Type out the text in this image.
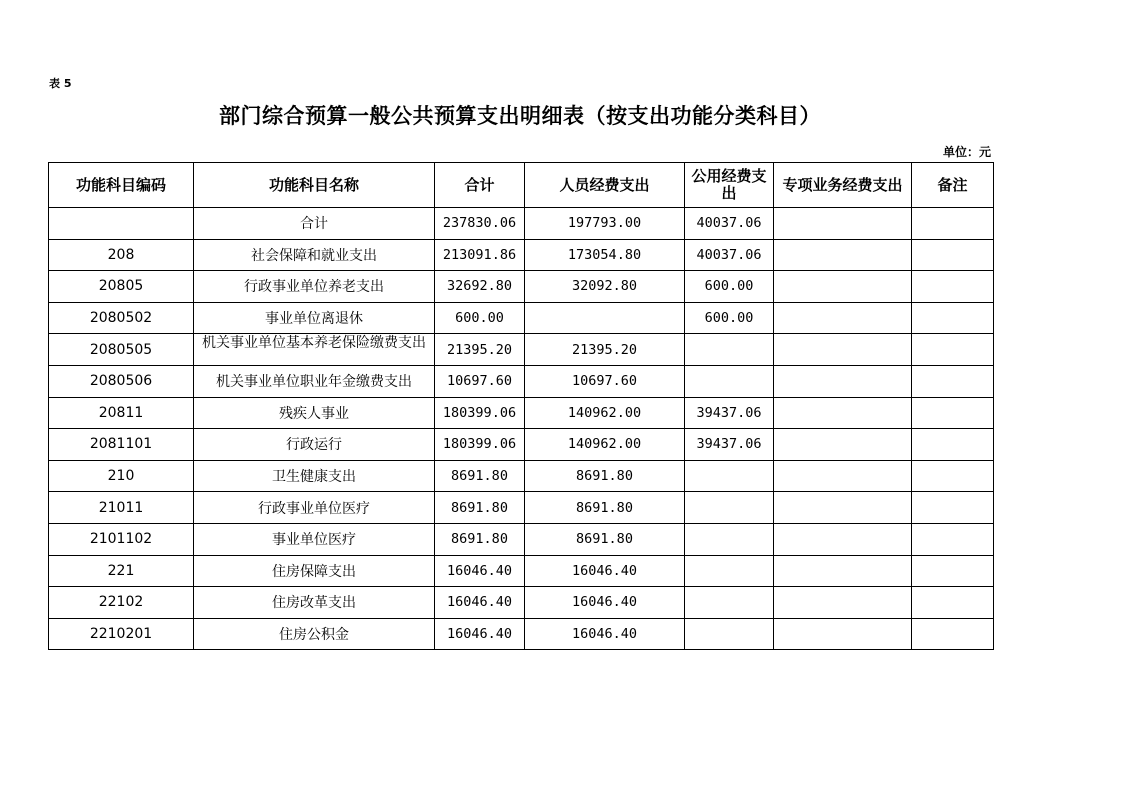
表 5
部门综合预算一般公共预算支出明细表（按支出功能分类科目）
单位：元
功能科目编码	功能科目名称	合计	人员经费支出	公用经费支出	专项业务经费支出	备注
	合计	237830.06	197793.00	40037.06		
208	社会保障和就业支出	213091.86	173054.80	40037.06		
20805	行政事业单位养老支出	32692.80	32092.80	600.00		
2080502	事业单位离退休	600.00		600.00		
2080505	机关事业单位基本养老保险缴费支出	21395.20	21395.20			
2080506	机关事业单位职业年金缴费支出	10697.60	10697.60			
20811	残疾人事业	180399.06	140962.00	39437.06		
2081101	行政运行	180399.06	140962.00	39437.06		
210	卫生健康支出	8691.80	8691.80			
21011	行政事业单位医疗	8691.80	8691.80			
2101102	事业单位医疗	8691.80	8691.80			
221	住房保障支出	16046.40	16046.40			
22102	住房改革支出	16046.40	16046.40			
2210201	住房公积金	16046.40	16046.40			
